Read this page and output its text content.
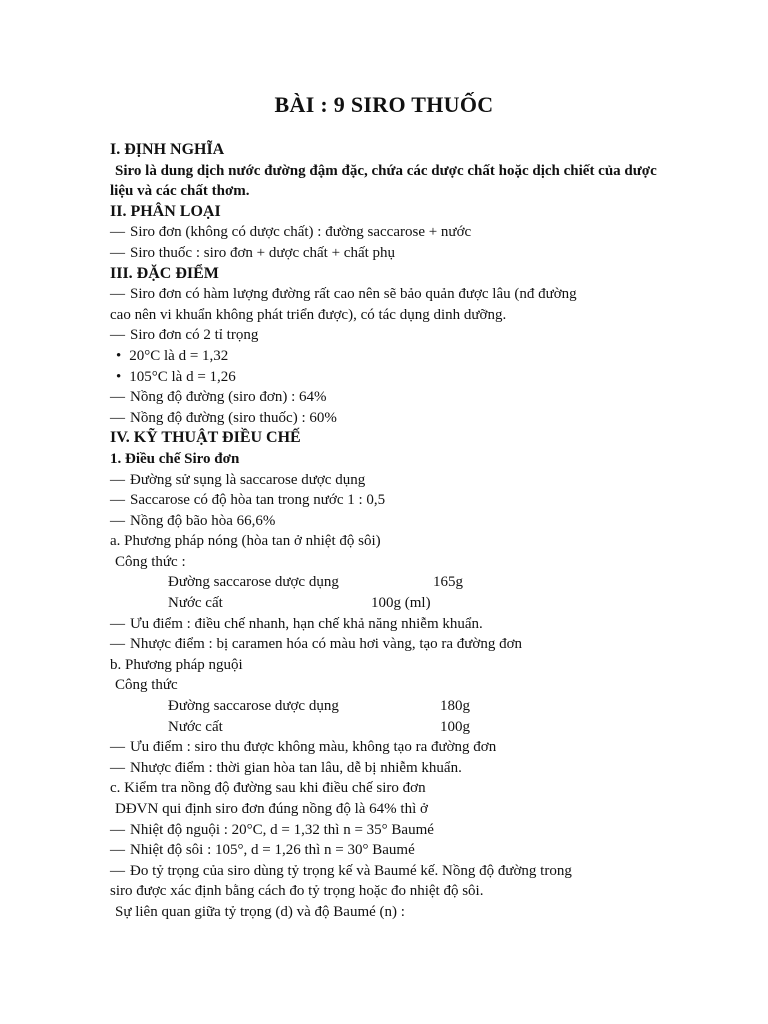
BÀI : 9 SIRO THUỐC
I. ĐỊNH NGHĨA
Siro là dung dịch nước đường đậm đặc, chứa các dược chất hoặc dịch chiết của dược liệu và các chất thơm.
II. PHÂN LOẠI
— Siro đơn (không có dược chất) : đường saccarose + nước
— Siro thuốc : siro đơn + dược chất + chất phụ
III. ĐẶC ĐIỂM
— Siro đơn có hàm lượng đường rất cao nên sẽ bảo quản được lâu (nđ đường
cao nên vi khuẩn không phát triển được), có tác dụng dinh dưỡng.
— Siro đơn có 2 tỉ trọng
• 20°C là d = 1,32
• 105°C là d = 1,26
— Nồng độ đường (siro đơn) : 64%
— Nồng độ đường (siro thuốc) : 60%
IV. KỸ THUẬT ĐIỀU CHẾ
1. Điều chế Siro đơn
— Đường sử sụng là saccarose dược dụng
— Saccarose có độ hòa tan trong nước 1 : 0,5
— Nồng độ bão hòa 66,6%
a. Phương pháp nóng (hòa tan ở nhiệt độ sôi)
Công thức :
Đường saccarose dược dụng	165g
Nước cất	100g (ml)
— Ưu điểm : điều chế nhanh, hạn chế khả năng nhiễm khuẩn.
— Nhược điểm : bị caramen hóa có màu hơi vàng, tạo ra đường đơn
b. Phương pháp nguội
Công thức
Đường saccarose dược dụng	180g
Nước cất	100g
— Ưu điểm : siro thu được không màu, không tạo ra đường đơn
— Nhược điểm : thời gian hòa tan lâu, dễ bị nhiễm khuẩn.
c. Kiểm tra nồng độ đường sau khi điều chế siro đơn
DĐVN qui định siro đơn đúng nồng độ là 64% thì ở
— Nhiệt độ nguội : 20°C, d = 1,32 thì n = 35° Baumé
— Nhiệt độ sôi : 105°, d = 1,26 thì n = 30° Baumé
— Đo tỷ trọng của siro dùng tỷ trọng kế và Baumé kế. Nồng độ đường trong
siro được xác định bằng cách đo tỷ trọng hoặc đo nhiệt độ sôi.
Sự liên quan giữa tỷ trọng (d) và độ Baumé (n) :
